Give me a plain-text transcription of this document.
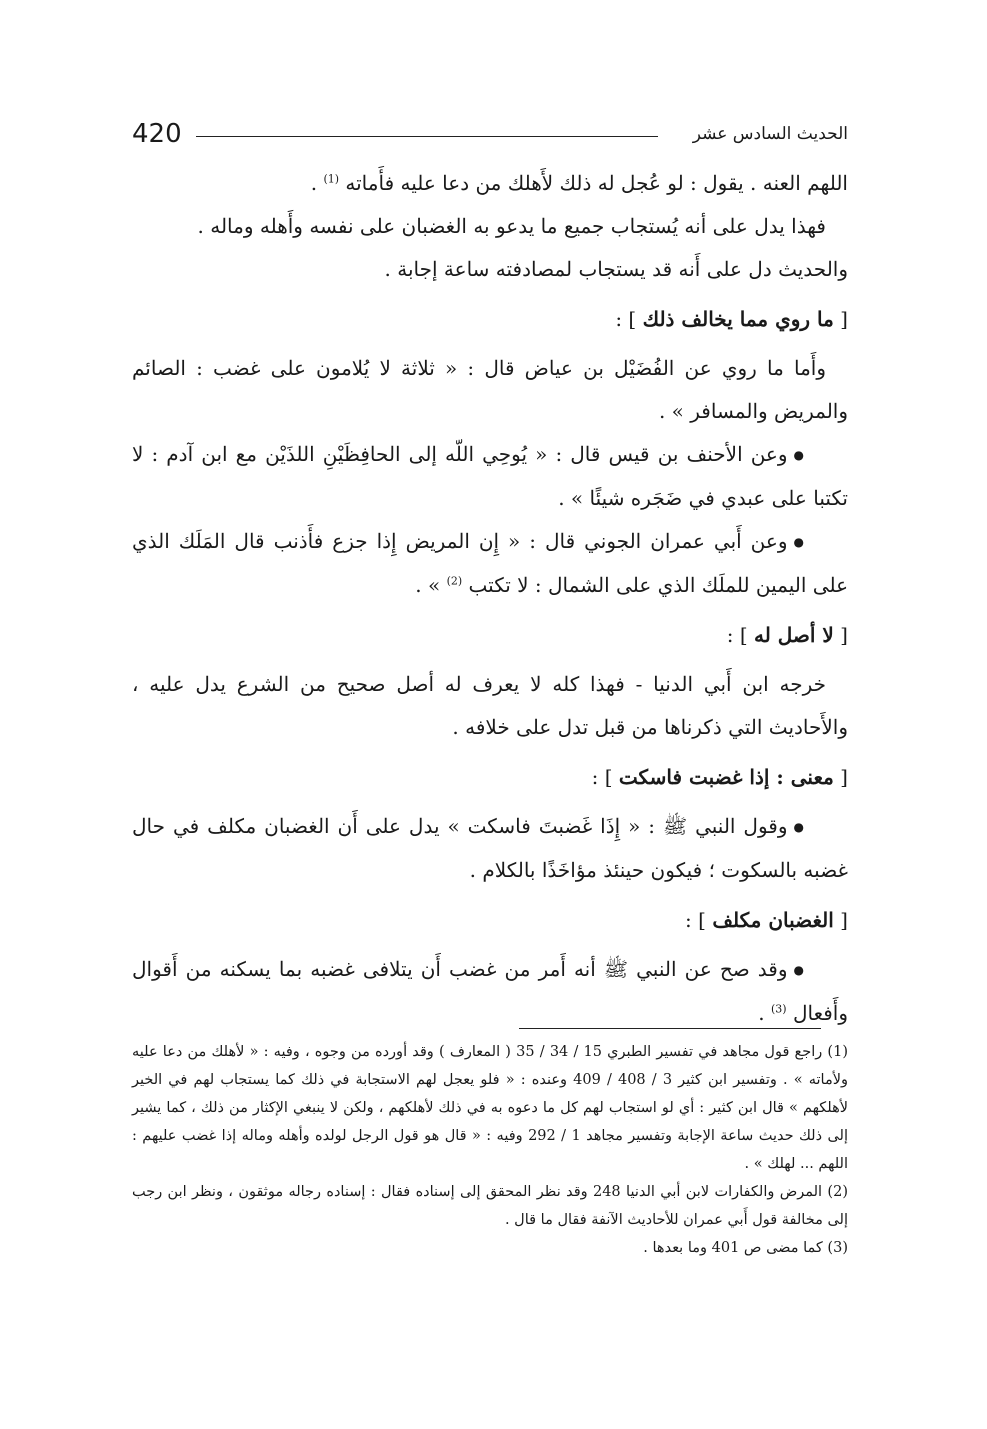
420	الحديث السادس عشر

اللهم العنه . يقول : لو عُجل له ذلك لأَهلك من دعا عليه فأَماته $^{(1)}$ .

فهذا يدل على أنه يُستجاب جميع ما يدعو به الغضبان على نفسه وأَهله وماله .

والحديث دل على أَنه قد يستجاب لمصادفته ساعة إجابة .

[ ما روي مما يخالف ذلك ] :

وأَما ما روي عن الفُضَيْل بن عياض قال : « ثلاثة لا يُلامون على غضب : الصائم والمريض والمسافر » .

●وعن الأحنف بن قيس قال : « يُوحِي اللّه إلى الحافِظَيْنِ اللذَيْن مع ابن آدم : لا تكتبا على عبدي في ضَجَره شيئًا » .

●وعن أَبي عمران الجوني قال : « إِن المريض إِذا جزع فأَذنب قال المَلَك الذي على اليمين للملَك الذي على الشمال : لا تكتب $^{(2)}$ » .

[ لا أصل له ] :

خرجه ابن أَبي الدنيا - فهذا كله لا يعرف له أصل صحيح من الشرع يدل عليه ، والأَحاديث التي ذكرناها من قبل تدل على خلافه .

[ معنى : إذا غضبت فاسكت ] :

●وقول النبي ﷺ : « إِذَا غَضبتَ فاسكت » يدل على أَن الغضبان مكلف في حال غضبه بالسكوت ؛ فيكون حينئذ مؤاخَذًا بالكلام .

[ الغضبان مكلف ] :

●وقد صح عن النبي ﷺ أنه أَمر من غضب أَن يتلافى غضبه بما يسكنه من أَقوال وأَفعال $^{(3)}$ .

(1) راجع قول مجاهد في تفسير الطبري 15 / 34 / 35 ( المعارف ) وقد أورده من وجوه ، وفيه : « لأهلك من دعا عليه ولأماته » . وتفسير ابن كثير 3 / 408 / 409 وعنده : « فلو يعجل لهم الاستجابة في ذلك كما يستجاب لهم في الخير لأهلكهم » قال ابن كثير : أي لو استجاب لهم كل ما دعوه به في ذلك لأهلكهم ، ولكن لا ينبغي الإكثار من ذلك ، كما يشير إلى ذلك حديث ساعة الإجابة وتفسير مجاهد 1 / 292 وفيه : « قال هو قول الرجل لولده وأهله وماله إذا غضب عليهم : اللهم ... لهلك » .

(2) المرض والكفارات لابن أبي الدنيا 248 وقد نظر المحقق إلى إسناده فقال : إسناده رجاله موثقون ، ونظر ابن رجب إلى مخالفة قول أَبي عمران للأحاديث الآنفة فقال ما قال .

(3) كما مضى ص 401 وما بعدها .
